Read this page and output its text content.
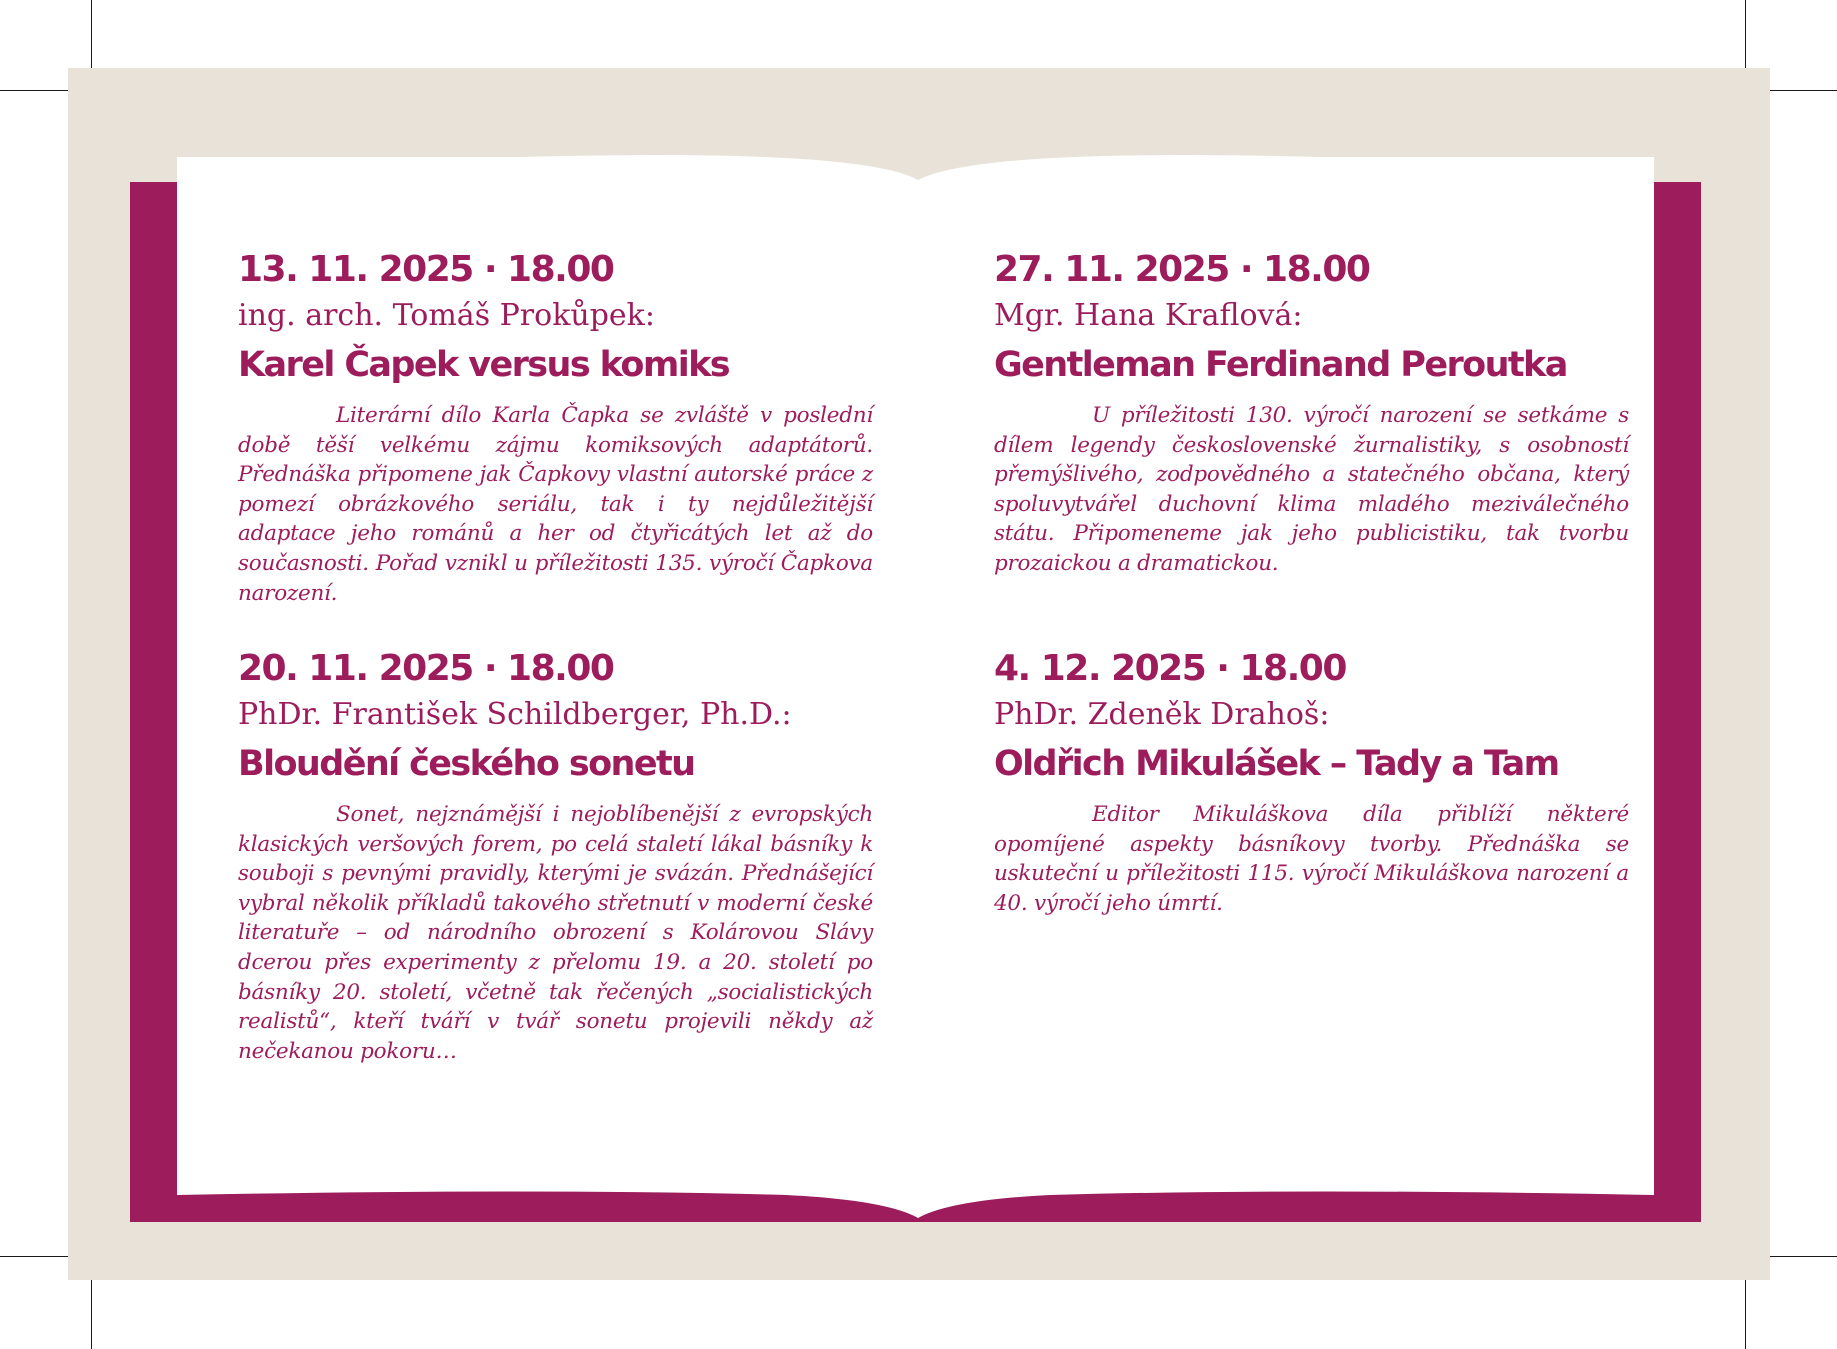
13. 11. 2025 · 18.00
ing. arch. Tomáš Prokůpek:
Karel Čapek versus komiks
Literární dílo Karla Čapka se zvláště v poslední době těší velkému zájmu komiksových adaptátorů. Přednáška připomene jak Čapkovy vlastní autorské práce z pomezí obrázkového seriálu, tak i ty nejdůležitější adaptace jeho románů a her od čtyřicátých let až do současnosti. Pořad vznikl u příležitosti 135. výročí Čapkova narození.
20. 11. 2025 · 18.00
PhDr. František Schildberger, Ph.D.:
Bloudění českého sonetu
Sonet, nejznámější i nejoblíbenější z evropských klasických veršových forem, po celá staletí lákal básníky k souboji s pevnými pravidly, kterými je svázán. Přednášející vybral několik příkladů takového střetnutí v moderní české literatuře – od národního obrození s Kolárovou Slávy dcerou přes experimenty z přelomu 19. a 20. století po básníky 20. století, včetně tak řečených „socialistických realistů“, kteří tváří v tvář sonetu projevili někdy až nečekanou pokoru…
27. 11. 2025 · 18.00
Mgr. Hana Kraflová:
Gentleman Ferdinand Peroutka
U příležitosti 130. výročí narození se setkáme s dílem legendy československé žurnalistiky, s osobností přemýšlivého, zodpovědného a statečného občana, který spoluvytvářel duchovní klima mladého meziválečného státu. Připomeneme jak jeho publicistiku, tak tvorbu prozaickou a dramatickou.
4. 12. 2025 · 18.00
PhDr. Zdeněk Drahoš:
Oldřich Mikulášek – Tady a Tam
Editor Mikuláškova díla přiblíží některé opomíjené aspekty básníkovy tvorby. Přednáška se uskuteční u příležitosti 115. výročí Mikuláškova narození a 40. výročí jeho úmrtí.
